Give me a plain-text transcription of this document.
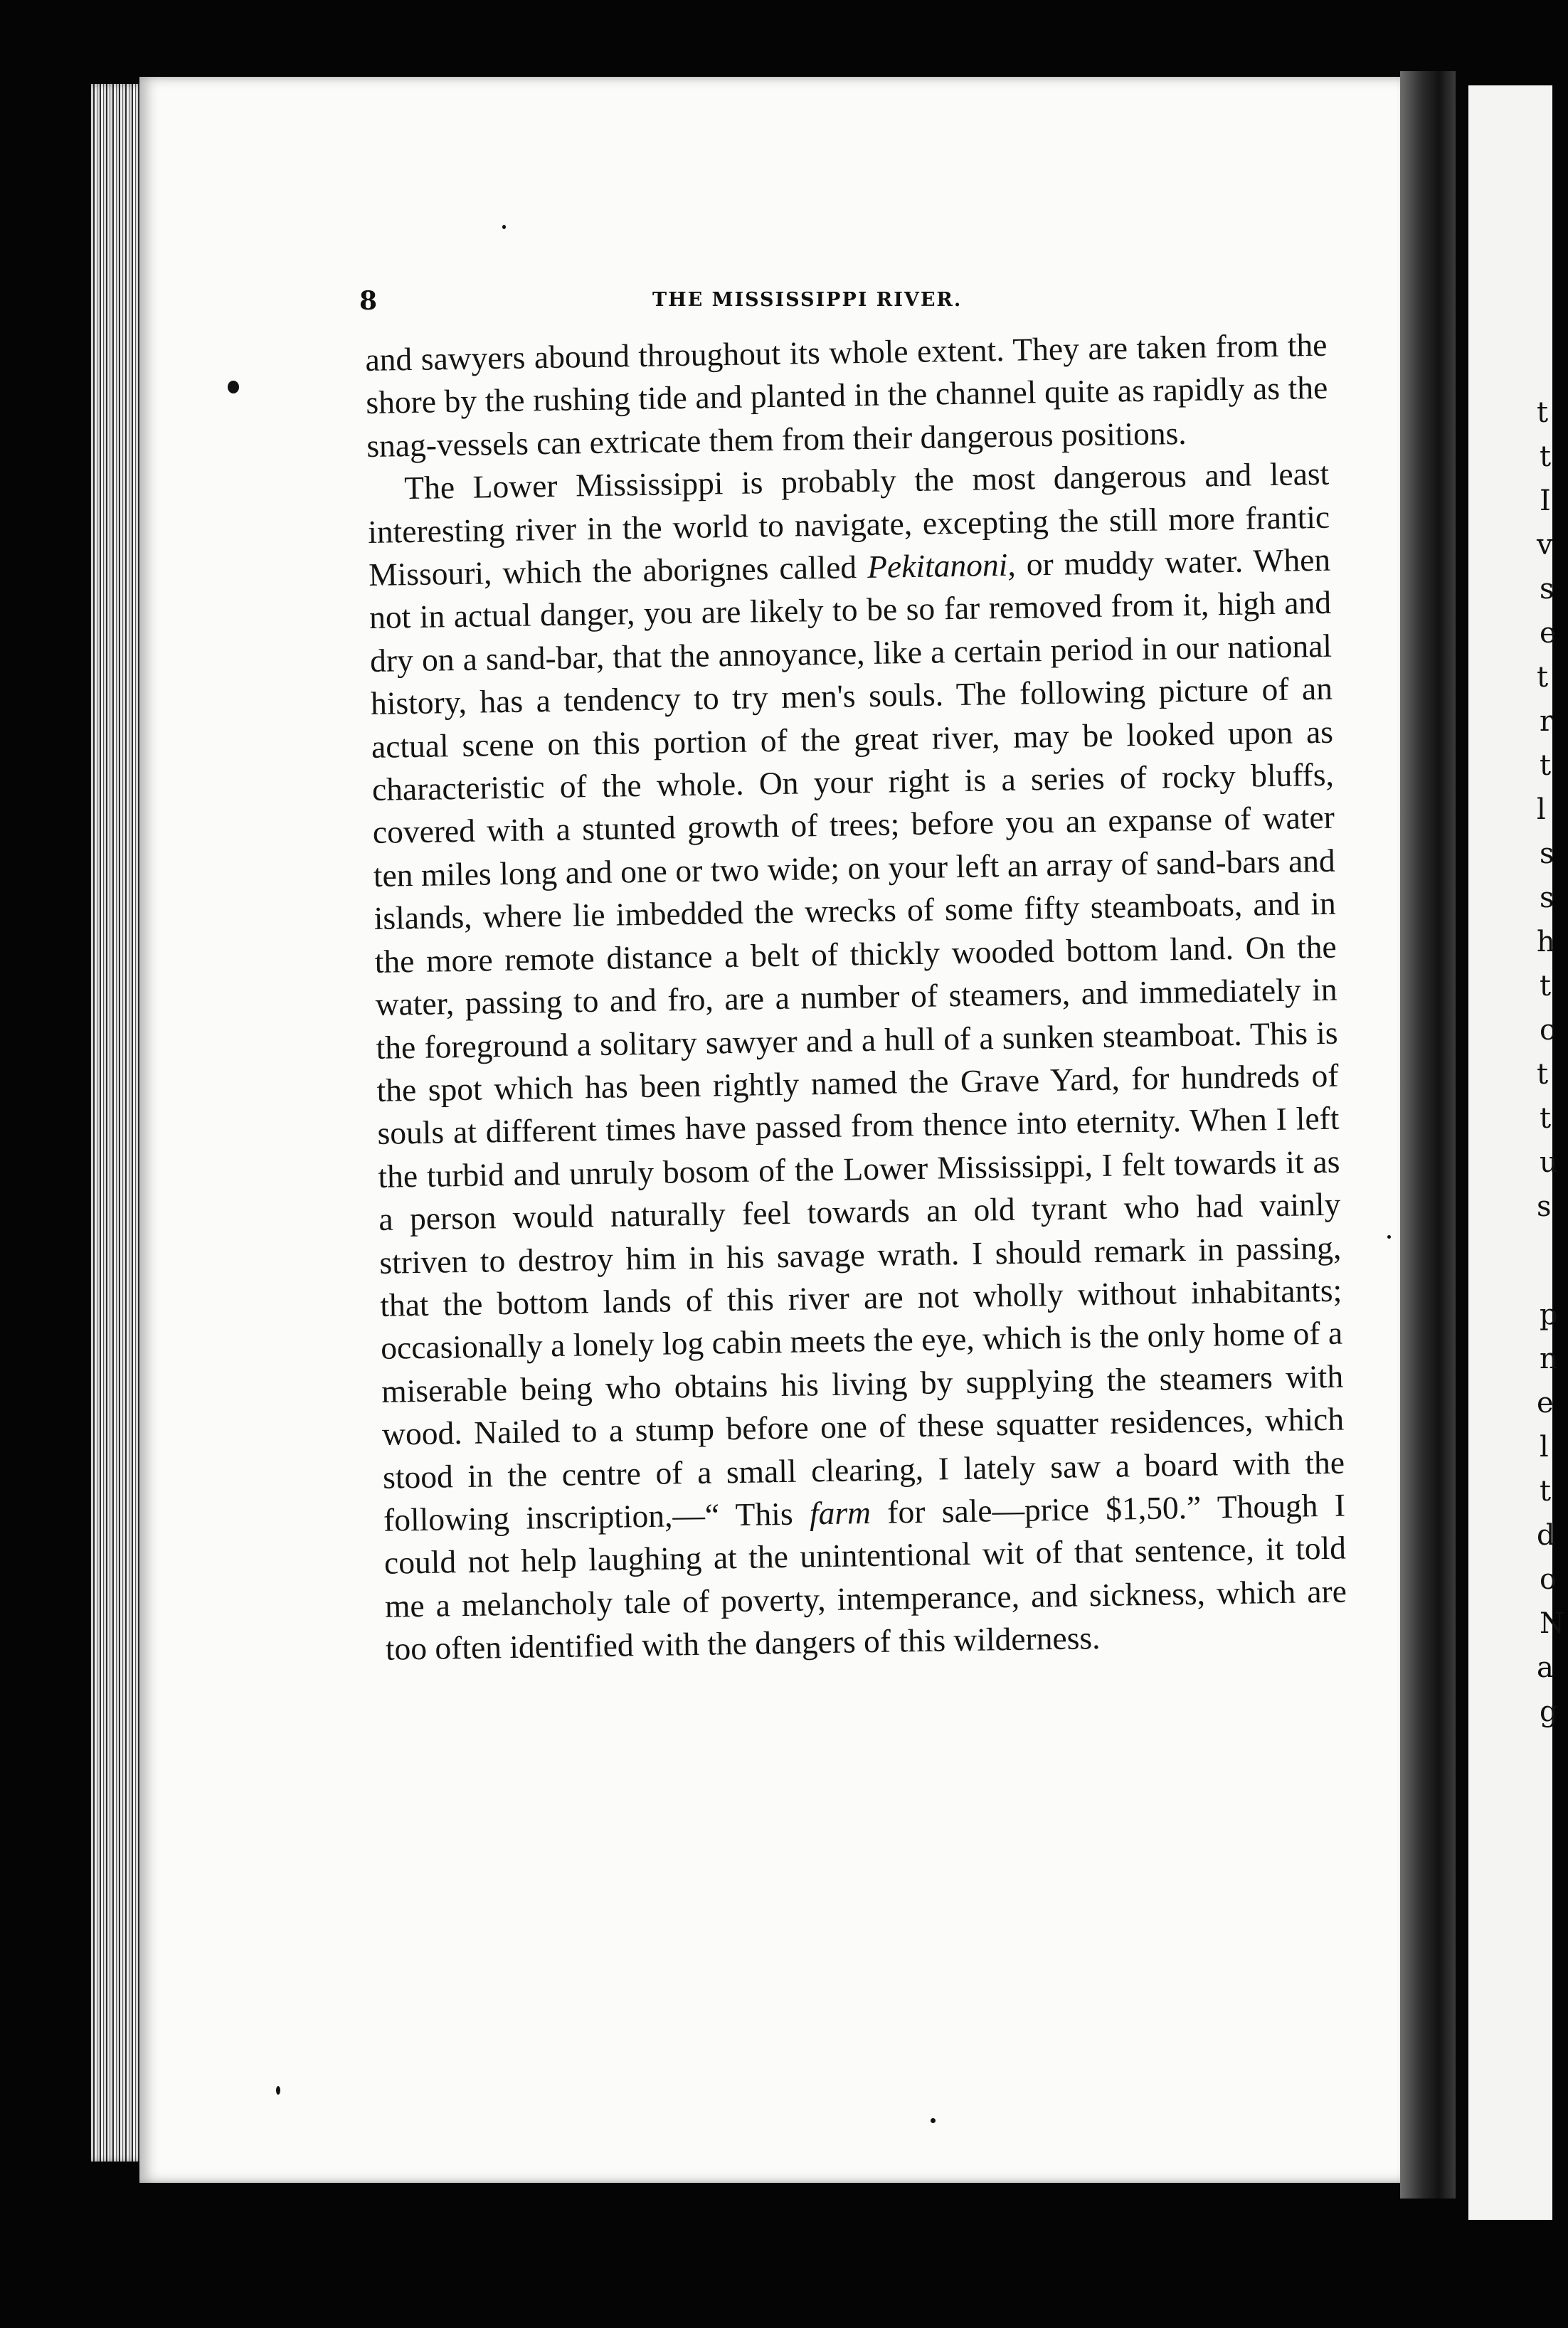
t
t
I
v
s
e
t
r
t
l
s
s
h
t
c
t
t
u
s
p
n
e
l
t
d
o
N
a
g
8	THE MISSISSIPPI RIVER.

and sawyers abound throughout its whole extent. They are taken from the shore by the rushing tide and planted in the channel quite as rapidly as the snag-vessels can extricate them from their dangerous positions.

The Lower Mississippi is probably the most dangerous and least interesting river in the world to navigate, excepting the still more frantic Missouri, which the aborignes called Pekitanoni, or muddy water. When not in actual danger, you are likely to be so far removed from it, high and dry on a sand-bar, that the annoyance, like a certain period in our national history, has a tendency to try men's souls. The following picture of an actual scene on this portion of the great river, may be looked upon as characteristic of the whole. On your right is a series of rocky bluffs, covered with a stunted growth of trees; before you an expanse of water ten miles long and one or two wide; on your left an array of sand-bars and islands, where lie imbedded the wrecks of some fifty steamboats, and in the more remote distance a belt of thickly wooded bottom land. On the water, passing to and fro, are a number of steamers, and immediately in the foreground a solitary sawyer and a hull of a sunken steamboat. This is the spot which has been rightly named the Grave Yard, for hundreds of souls at different times have passed from thence into eternity. When I left the turbid and unruly bosom of the Lower Mississippi, I felt towards it as a person would naturally feel towards an old tyrant who had vainly striven to destroy him in his savage wrath. I should remark in passing, that the bottom lands of this river are not wholly without inhabitants; occasionally a lonely log cabin meets the eye, which is the only home of a miserable being who obtains his living by supplying the steamers with wood. Nailed to a stump before one of these squatter residences, which stood in the centre of a small clearing, I lately saw a board with the following inscription,—“ This farm for sale—price $1,50.” Though I could not help laughing at the unintentional wit of that sentence, it told me a melancholy tale of poverty, intemperance, and sickness, which are too often identified with the dangers of this wilderness.
